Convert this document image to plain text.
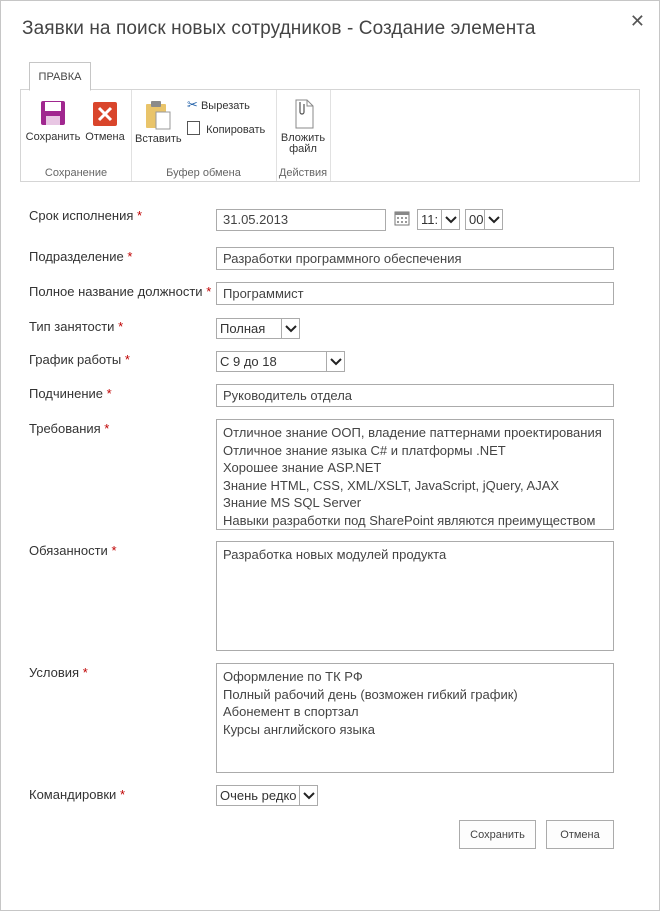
Заявки на поиск новых сотрудников - Создание элемента	✕
ПРАВКА
Сохранить Отмена
Сохранение
Вставить
✂ Вырезать
Копировать
Буфер обмена
Вложить
файл
Действия
Срок исполнения *	31.05.2013	11:	00
Подразделение *	Разработки программного обеспечения
Полное название должности * Программист
Тип занятости *	Полная
График работы *	С 9 до 18
Подчинение *	Руководитель отдела
Требования *	Отличное знание ООП, владение паттернами проектирования
Отличное знание языка C# и платформы .NET
Хорошее знание ASP.NET
Знание HTML, CSS, XML/XSLT, JavaScript, jQuery, AJAX
Знание MS SQL Server
Навыки разработки под SharePoint являются преимуществом
Обязанности *	Разработка новых модулей продукта
Условия *	Оформление по ТК РФ
Полный рабочий день (возможен гибкий график)
Абонемент в спортзал
Курсы английского языка
Командировки *	Очень редко
Сохранить	Отмена
